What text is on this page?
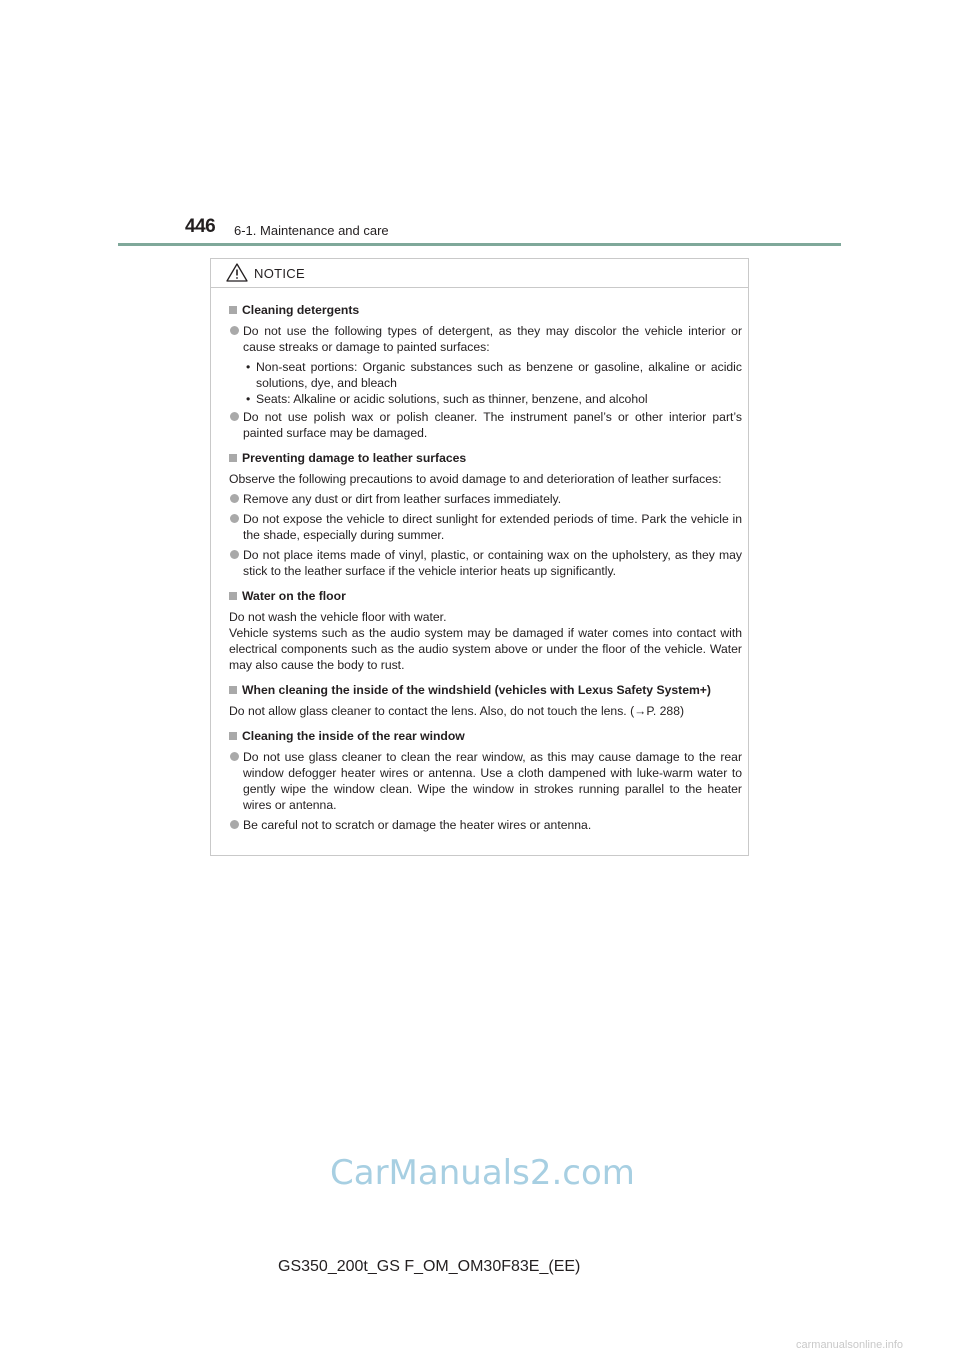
446 6-1. Maintenance and care
NOTICE
Cleaning detergents
Do not use the following types of detergent, as they may discolor the vehicle interior or cause streaks or damage to painted surfaces:
• Non-seat portions: Organic substances such as benzene or gasoline, alkaline or acidic solutions, dye, and bleach
• Seats: Alkaline or acidic solutions, such as thinner, benzene, and alcohol
Do not use polish wax or polish cleaner. The instrument panel’s or other interior part’s painted surface may be damaged.
Preventing damage to leather surfaces

Observe the following precautions to avoid damage to and deterioration of leather surfaces:

Remove any dust or dirt from leather surfaces immediately.
Do not expose the vehicle to direct sunlight for extended periods of time. Park the vehicle in the shade, especially during summer.
Do not place items made of vinyl, plastic, or containing wax on the upholstery, as they may stick to the leather surface if the vehicle interior heats up significantly.
Water on the floor

Do not wash the vehicle floor with water.

Vehicle systems such as the audio system may be damaged if water comes into contact with electrical components such as the audio system above or under the floor of the vehicle. Water may also cause the body to rust.

When cleaning the inside of the windshield (vehicles with Lexus Safety System+)

Do not allow glass cleaner to contact the lens. Also, do not touch the lens. (→P. 288)

Cleaning the inside of the rear window
Do not use glass cleaner to clean the rear window, as this may cause damage to the rear window defogger heater wires or antenna. Use a cloth dampened with luke-warm water to gently wipe the window clean. Wipe the window in strokes running parallel to the heater wires or antenna.
Be careful not to scratch or damage the heater wires or antenna.
CarManuals2.com
GS350_200t_GS F_OM_OM30F83E_(EE)
carmanualsonline.info
